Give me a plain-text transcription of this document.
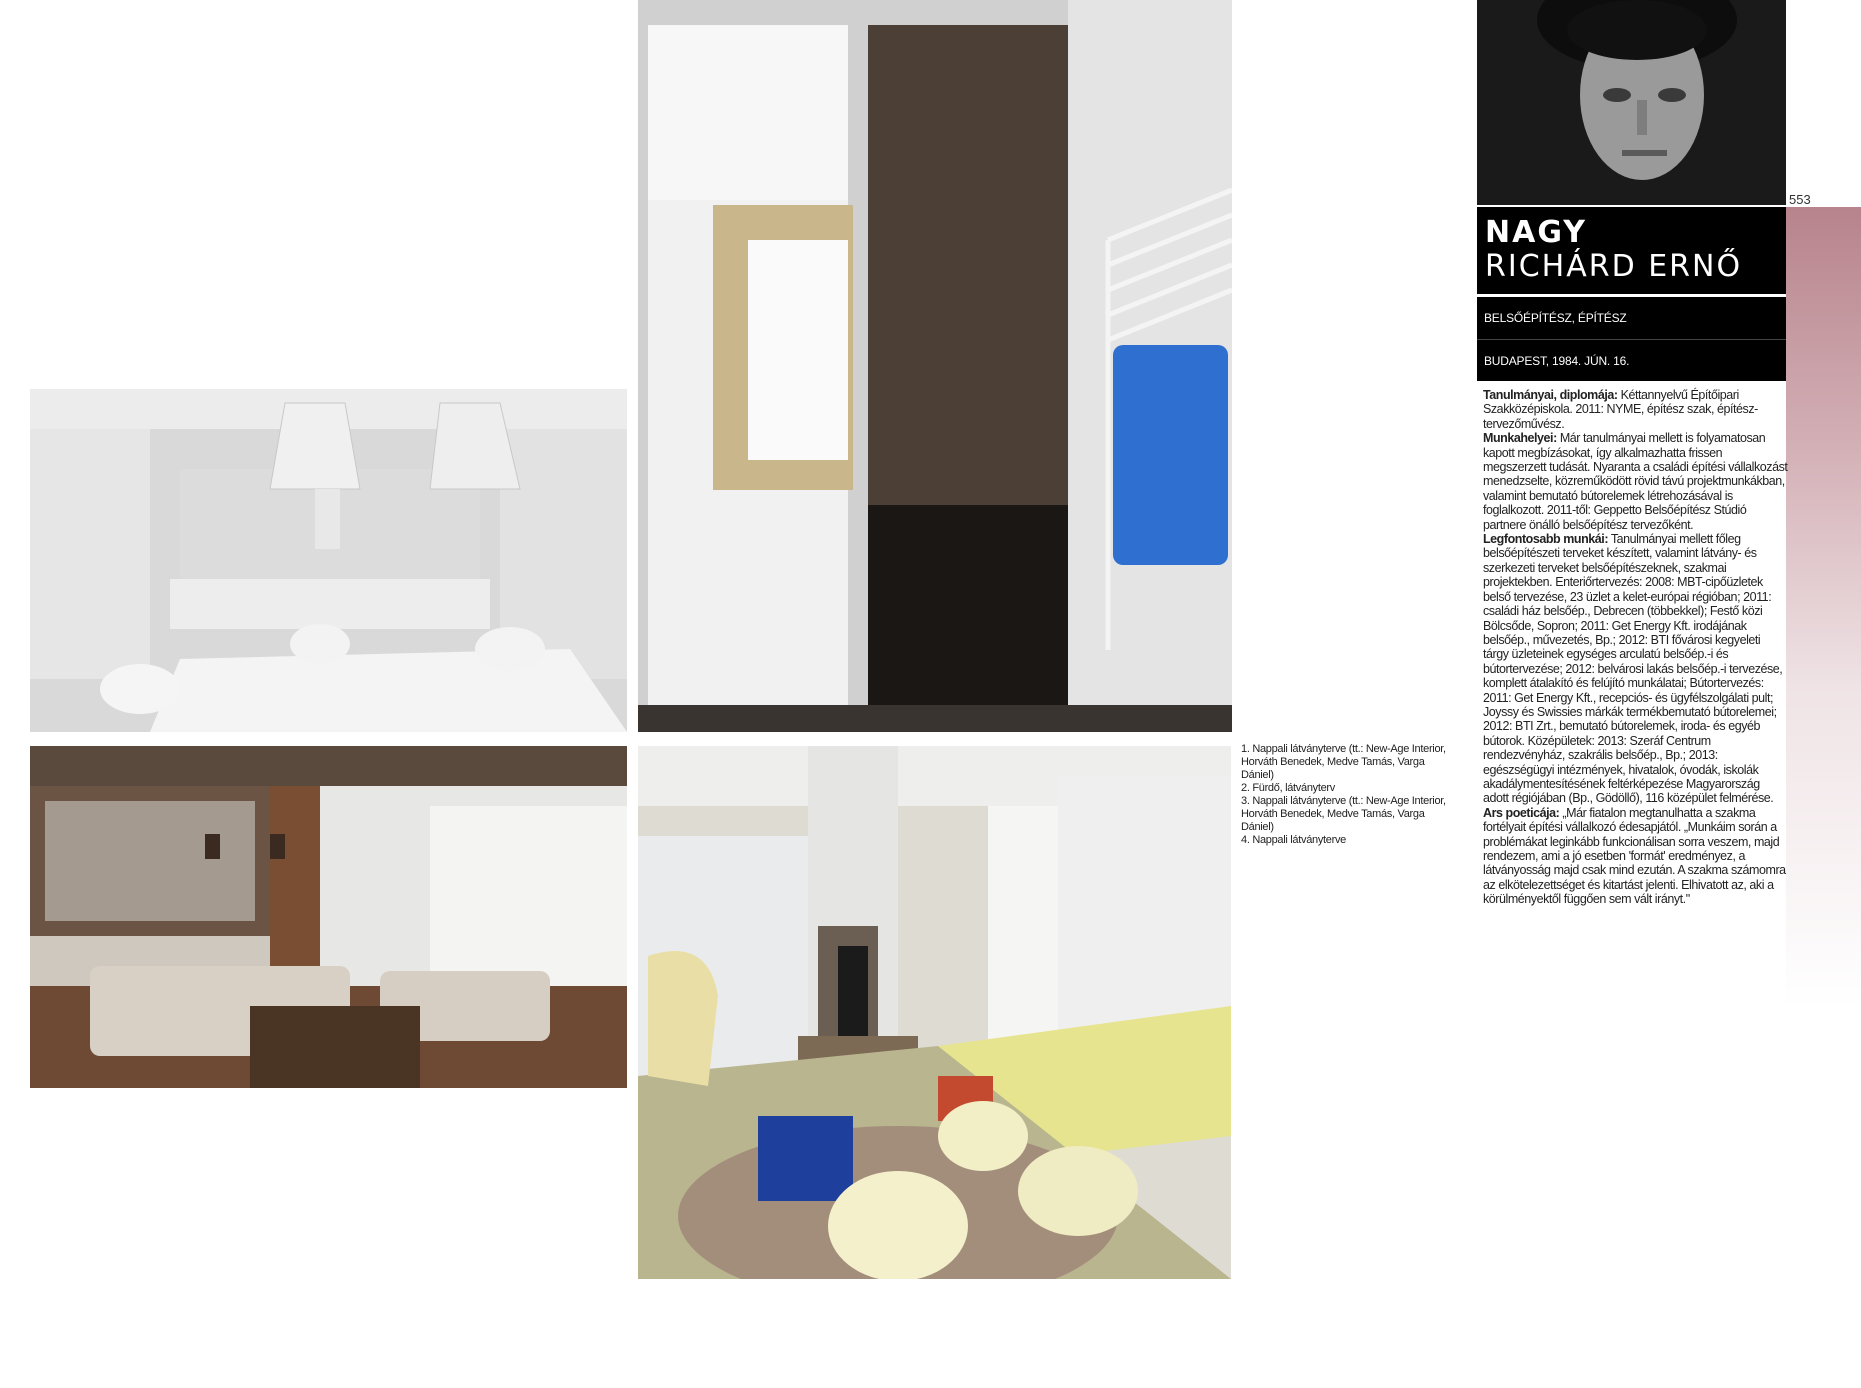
1. Nappali látványterve (tt.: New-Age Interior,
Horváth Benedek, Medve Tamás, Varga
Dániel)
2. Fürdő, látványterv
3. Nappali látványterve (tt.: New-Age Interior,
Horváth Benedek, Medve Tamás, Varga
Dániel)
4. Nappali látványterve
553
NAGY
RICHÁRD ERNŐ
BELSŐÉPÍTÉSZ, ÉPÍTÉSZ
BUDAPEST, 1984. JÚN. 16.

Tanulmányai, diplomája: Kéttannyelvű Építőipari Szakközépiskola. 2011: NYME, építész szak, építész-tervezőművész.

Munkahelyei: Már tanulmányai mellett is folyamatosan kapott megbízásokat, így alkalmazhatta frissen megszerzett tudását. Nyaranta a családi építési vállalkozást menedzselte, közreműködött rövid távú projektmunkákban, valamint bemutató bútorelemek létrehozásával is foglalkozott. 2011-től: Geppetto Belsőépítész Stúdió partnere önálló belsőépítész tervezőként.

Legfontosabb munkái: Tanulmányai mellett főleg belsőépítészeti terveket készített, valamint látvány- és szerkezeti terveket belsőépítészeknek, szakmai projektekben. Enteriőrtervezés: 2008: MBT-cipőüzletek belső tervezése, 23 üzlet a kelet-európai régióban; 2011: családi ház belsőép., Debrecen (többekkel); Festő közi Bölcsőde, Sopron; 2011: Get Energy Kft. irodájának belsőép., művezetés, Bp.; 2012: BTI fővárosi kegyeleti tárgy üzleteinek egységes arculatú belsőép.-i és bútortervezése; 2012: belvárosi lakás belsőép.-i tervezése, komplett átalakító és felújító munkálatai; Bútortervezés: 2011: Get Energy Kft., recepciós- és ügyfélszolgálati pult; Joyssy és Swissies márkák termékbemutató bútorelemei; 2012: BTI Zrt., bemutató bútorelemek, iroda- és egyéb bútorok. Középületek: 2013: Szeráf Centrum rendezvényház, szakrális belsőép., Bp.; 2013: egészségügyi intézmények, hivatalok, óvodák, iskolák akadálymentesítésének feltérképezése Magyarország adott régiójában (Bp., Gödöllő), 116 középület felmérése.

Ars poeticája: „Már fiatalon megtanulhatta a szakma fortélyait építési vállalkozó édesapjától. „Munkáim során a problémákat leginkább funkcionálisan sorra veszem, majd rendezem, ami a jó esetben 'formát' eredményez, a látványosság majd csak mind ezután. A szakma számomra az elkötelezettséget és kitartást jelenti. Elhivatott az, aki a körülményektől függően sem vált irányt."
